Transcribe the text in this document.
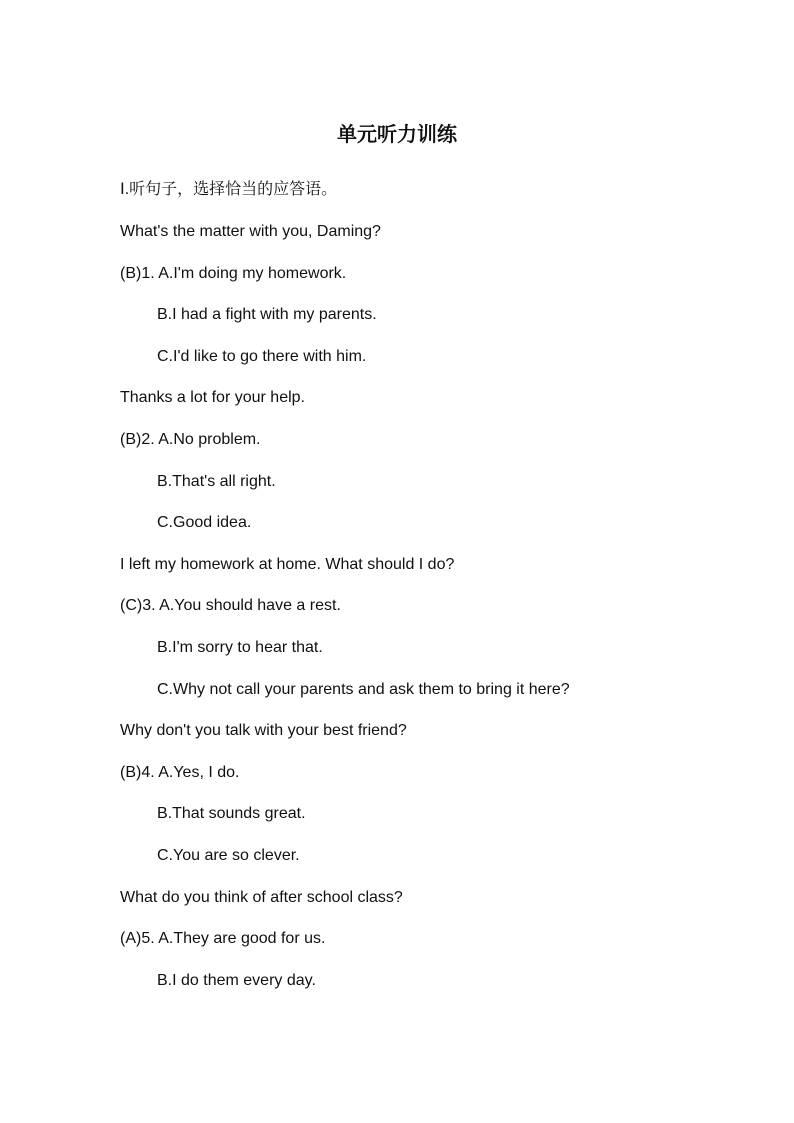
单元听力训练
Ⅰ.听句子，选择恰当的应答语。
What's the matter with you, Daming?
(B)1. A.I'm doing my homework.
B.I had a fight with my parents.
C.I'd like to go there with him.
Thanks a lot for your help.
(B)2. A.No problem.
B.That's all right.
C.Good idea.
I left my homework at home. What should I do?
(C)3. A.You should have a rest.
B.I'm sorry to hear that.
C.Why not call your parents and ask them to bring it here?
Why don't you talk with your best friend?
(B)4. A.Yes, I do.
B.That sounds great.
C.You are so clever.
What do you think of after school class?
(A)5. A.They are good for us.
B.I do them every day.
